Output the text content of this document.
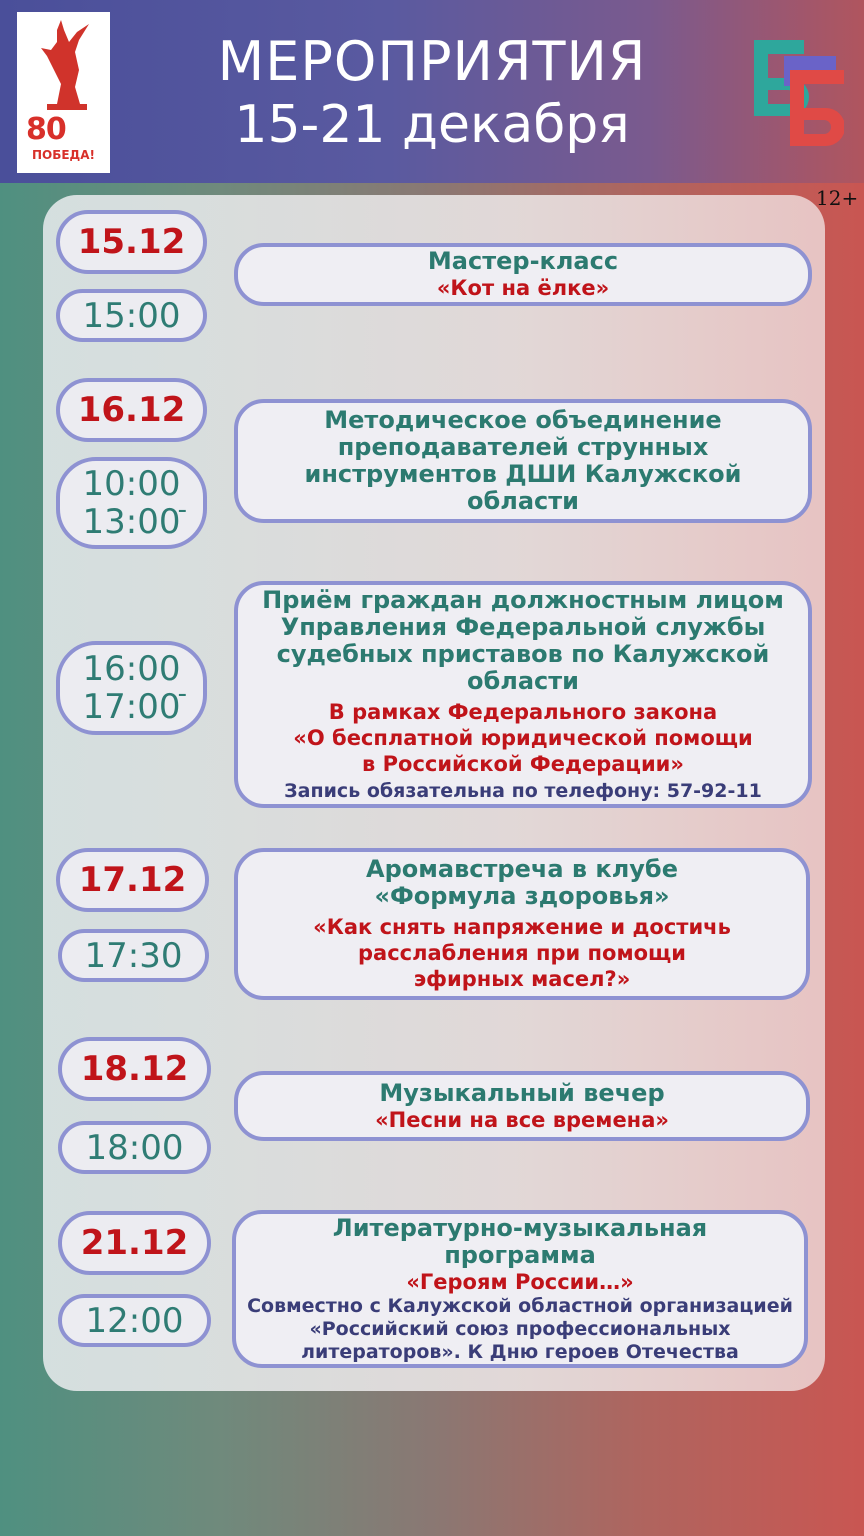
80
ПОБЕДА!
МЕРОПРИЯТИЯ
15-21 декабря
12+
15.12
15:00
Мастер-класс
«Кот на ёлке»
16.12
10:00
13:00
-
Методическое объединение
преподавателей струнных
инструментов ДШИ Калужской
области
16:00
17:00
-
Приём граждан должностным лицом
Управления Федеральной службы
судебных приставов по Калужской
области
В рамках Федерального закона
«О бесплатной юридической помощи
в Российской Федерации»
Запись обязательна по телефону: 57-92-11
17.12
17:30
Аромавстреча в клубе
«Формула здоровья»
«Как снять напряжение и достичь
расслабления при помощи
эфирных масел?»
18.12
18:00
Музыкальный вечер
«Песни на все времена»
21.12
12:00
Литературно-музыкальная
программа
«Героям России…»
Совместно с Калужской областной организацией
«Российский союз профессиональных
литераторов». К Дню героев Отечества
